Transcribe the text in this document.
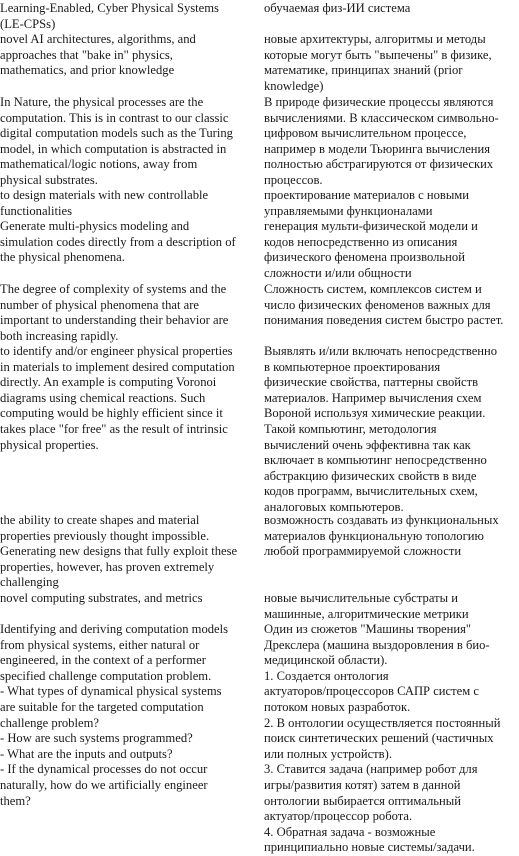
Learning-Enabled, Cyber Physical Systems
(LE-CPSs)

novel AI architectures, algorithms, and
approaches that "bake in" physics,
mathematics, and prior knowledge

In Nature, the physical processes are the
computation. This is in contrast to our classic
digital computation models such as the Turing
model, in which computation is abstracted in
mathematical/logic notions, away from
physical substrates.

to design materials with new controllable
functionalities

Generate multi-physics modeling and
simulation codes directly from a description of
the physical phenomena.

The degree of complexity of systems and the
number of physical phenomena that are
important to understanding their behavior are
both increasing rapidly.

to identify and/or engineer physical properties
in materials to implement desired computation
directly. An example is computing Voronoi
diagrams using chemical reactions. Such
computing would be highly efficient since it
takes place "for free" as the result of intrinsic
physical properties.

the ability to create shapes and material
properties previously thought impossible.

Generating new designs that fully exploit these
properties, however, has proven extremely
challenging

novel computing substrates, and metrics

Identifying and deriving computation models
from physical systems, either natural or
engineered, in the context of a performer
specified challenge computation problem.
- What types of dynamical physical systems
are suitable for the targeted computation
challenge problem?
- How are such systems programmed?
- What are the inputs and outputs?
- If the dynamical processes do not occur
naturally, how do we artificially engineer
them?

обучаемая физ-ИИ система

новые архитектуры, алгоритмы и методы
которые могут быть "выпечены" в физике,
математике, принципах знаний (prior
knowledge)

В природе физические процессы являются
вычислениями. В классическом символьно-
цифровом вычислительном процессе,
например в модели Тьюринга вычисления
полностью абстрагируются от физических
процессов.

проектирование материалов с новыми
управляемыми функционалами

генерация мульти-физической модели и
кодов непосредственно из описания
физического феномена произвольной
сложности и/или общности

Сложность систем, комплексов систем и
число физических феноменов важных для
понимания поведения систем быстро растет.

Выявлять и/или включать непосредственно
в компьютерное проектирования
физические свойства, паттерны свойств
материалов. Например вычисления схем
Вороной используя химические реакции.
Такой компьютинг, методология
вычислений очень эффективна так как
включает в компьютинг непосредственно
абстракцию физических свойств в виде
кодов программ, вычислительных схем,
аналоговых компьютеров.

возможность создавать из функциональных
материалов функциональную топологию
любой программируемой сложности

новые вычислительные субстраты и
машинные, алгоритмические метрики

Один из сюжетов "Машины творения"
Дрекслера (машина выздоровления в био-
медицинской области).
1. Создается онтология
актуаторов/процессоров САПР систем с
потоком новых разработок.
2. В онтологии осуществляется постоянный
поиск синтетических решений (частичных
или полных устройств).
3. Ставится задача (например робот для
игры/развития котят) затем в данной
онтологии выбирается оптимальный
актуатор/процессор робота.
4. Обратная задача - возможные
принципиально новые системы/задачи.
